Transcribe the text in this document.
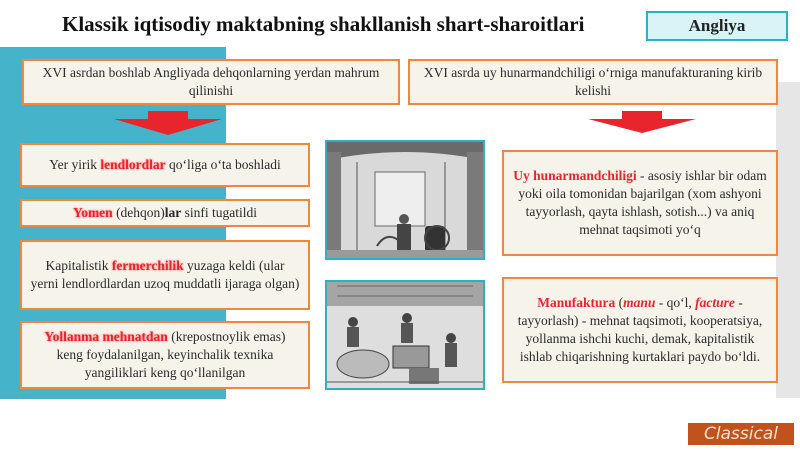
Klassik iqtisodiy maktabning shakllanish shart-sharoitlari	Angliya

XVI asrdan boshlab Angliyada dehqonlarning yerdan mahrum qilinishi

XVI asrda uy hunarmandchiligi o‘rniga manufakturaning kirib kelishi

Yer yirik lendlordlar qo‘liga o‘ta boshladi

Yomen (dehqon)lar sinfi tugatildi

Kapitalistik fermerchilik yuzaga keldi (ular yerni lendlordlardan uzoq muddatli ijaraga olgan)

Yollanma mehnatdan (krepostnoylik emas) keng foydalanilgan, keyinchalik texnika yangiliklari keng qo‘llanilgan

Uy hunarmandchiligi - asosiy ishlar bir odam yoki oila tomonidan bajarilgan (xom ashyoni tayyorlash, qayta ishlash, sotish...) va aniq mehnat taqsimoti yo‘q

Manufaktura (manu - qo‘l, facture - tayyorlash) - mehnat taqsimoti, kooperatsiya, yollanma ishchi kuchi, demak, kapitalistik ishlab chiqarishning kurtaklari paydo bo‘ldi.

Classical
